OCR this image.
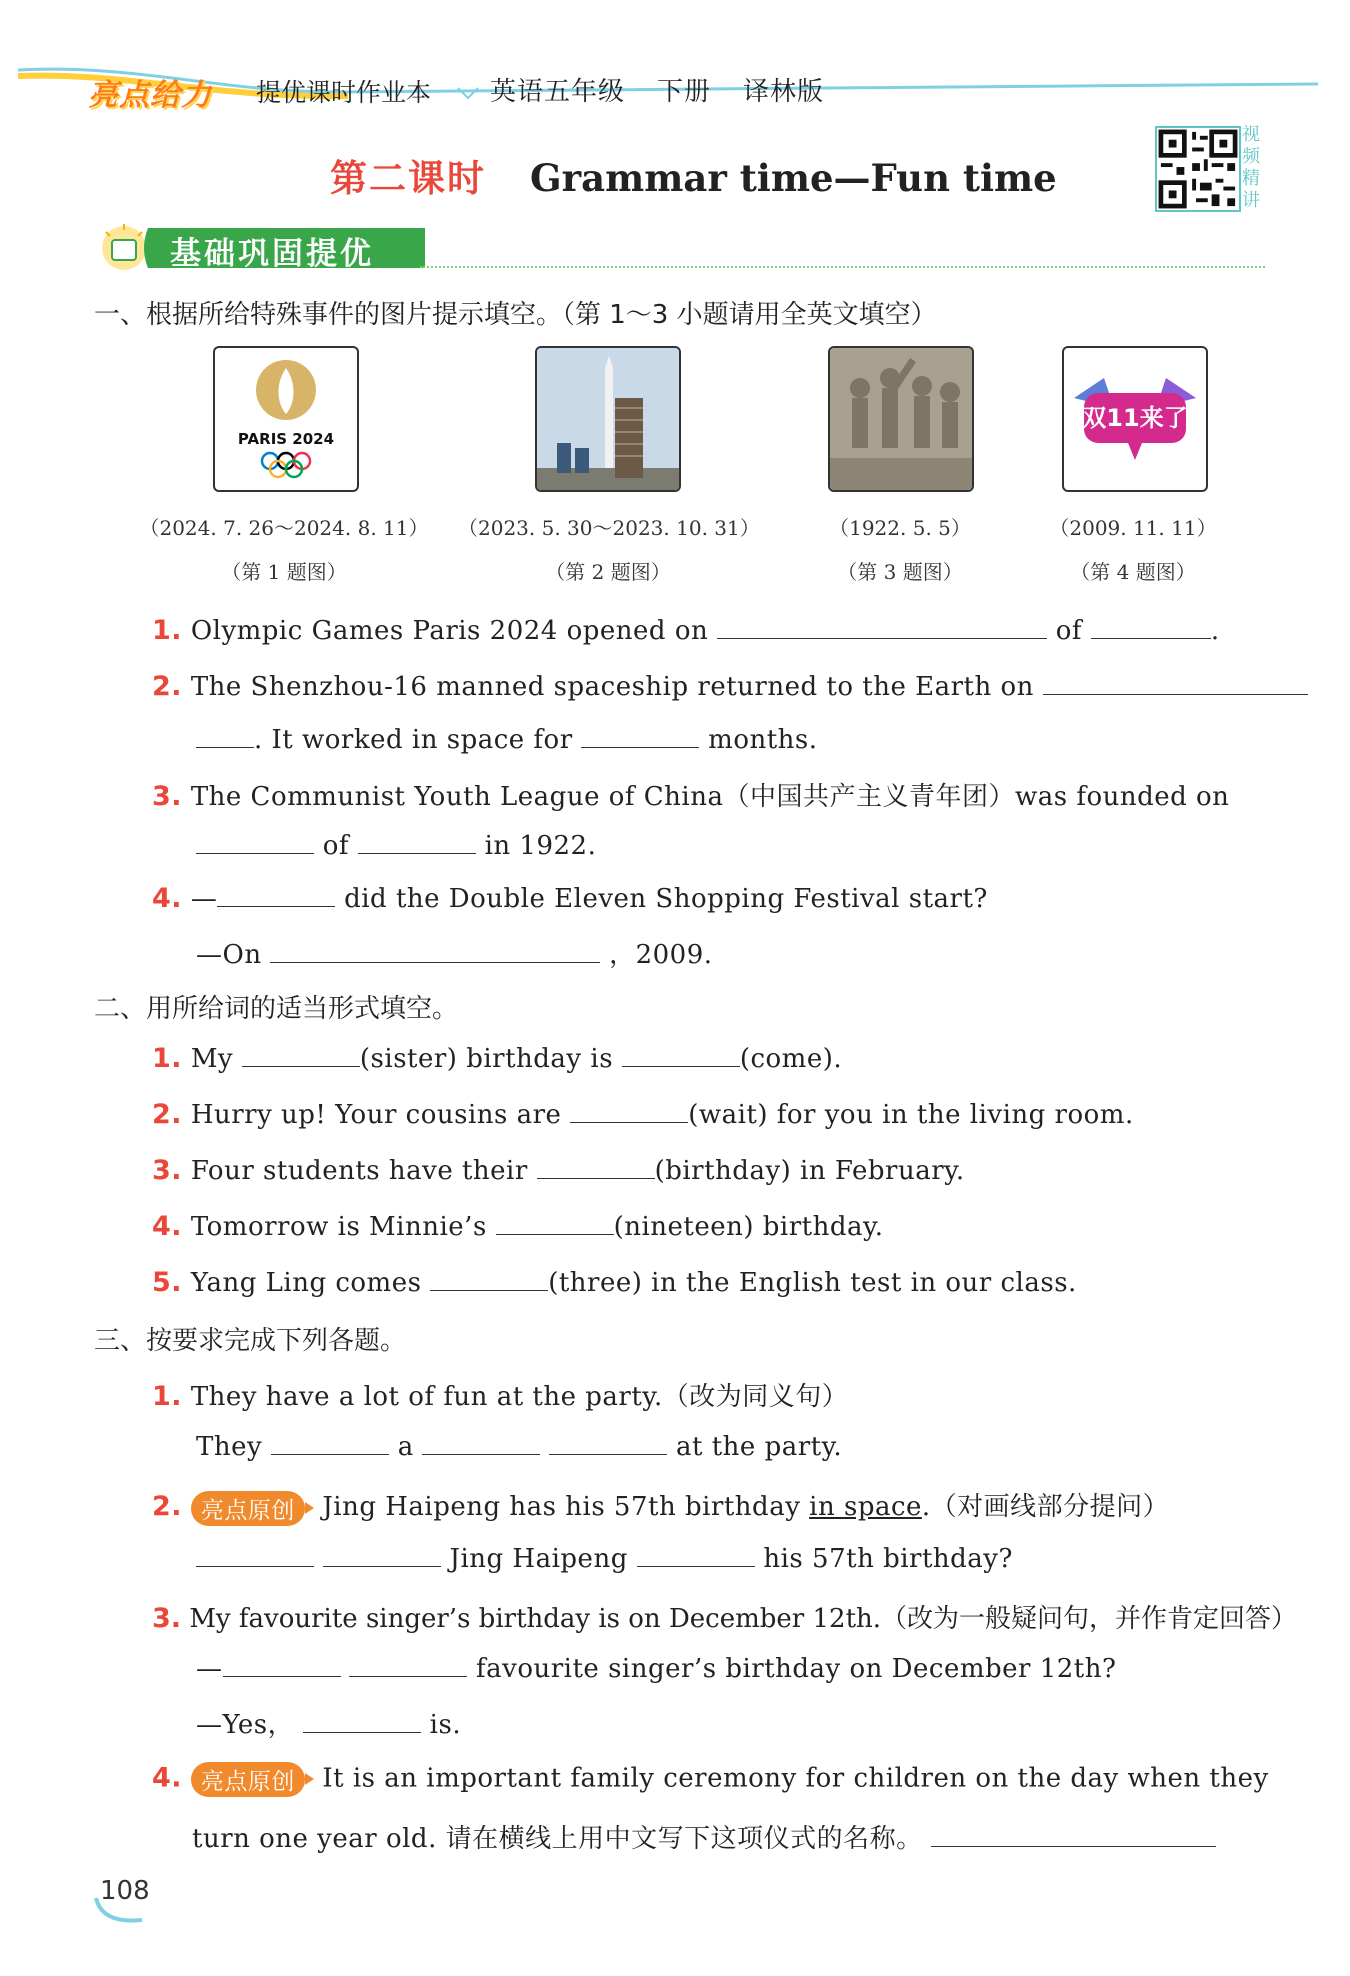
亮点给力 提优课时作业本 英语五年级 下册 译林版
视
频
精
讲
第二课时 Grammar time—Fun time
基础巩固提优
一、根据所给特殊事件的图片提示填空。（第 1～3 小题请用全英文填空）
PARIS 2024
双11来了
（2024. 7. 26～2024. 8. 11）
（第 1 题图）
（2023. 5. 30～2023. 10. 31）
（第 2 题图）
（1922. 5. 5）
（第 3 题图）
（2009. 11. 11）
（第 4 题图）
1. Olympic Games Paris 2024 opened on	of	.
2. The Shenzhou-16 manned spaceship returned to the Earth on
. It worked in space for	months.
3. The Communist Youth League of China（中国共产主义青年团）was founded on
of	in 1922.
4. —	did the Double Eleven Shopping Festival start?
—On	，2009.
二、用所给词的适当形式填空。
1. My	(sister) birthday is	(come).
2. Hurry up! Your cousins are	(wait) for you in the living room.
3. Four students have their	(birthday) in February.
4. Tomorrow is Minnie’s	(nineteen) birthday.
5. Yang Ling comes	(three) in the English test in our class.
三、按要求完成下列各题。
1. They have a lot of fun at the party.（改为同义句）
They	a	at the party.
2. 亮点原创 Jing Haipeng has his 57th birthday in space.（对画线部分提问）
Jing Haipeng	his 57th birthday?
3. My favourite singer’s birthday is on December 12th.（改为一般疑问句，并作肯定回答）
—	favourite singer’s birthday on December 12th?
—Yes，	is.
4. 亮点原创 It is an important family ceremony for children on the day when they
turn one year old. 请在横线上用中文写下这项仪式的名称。
108
